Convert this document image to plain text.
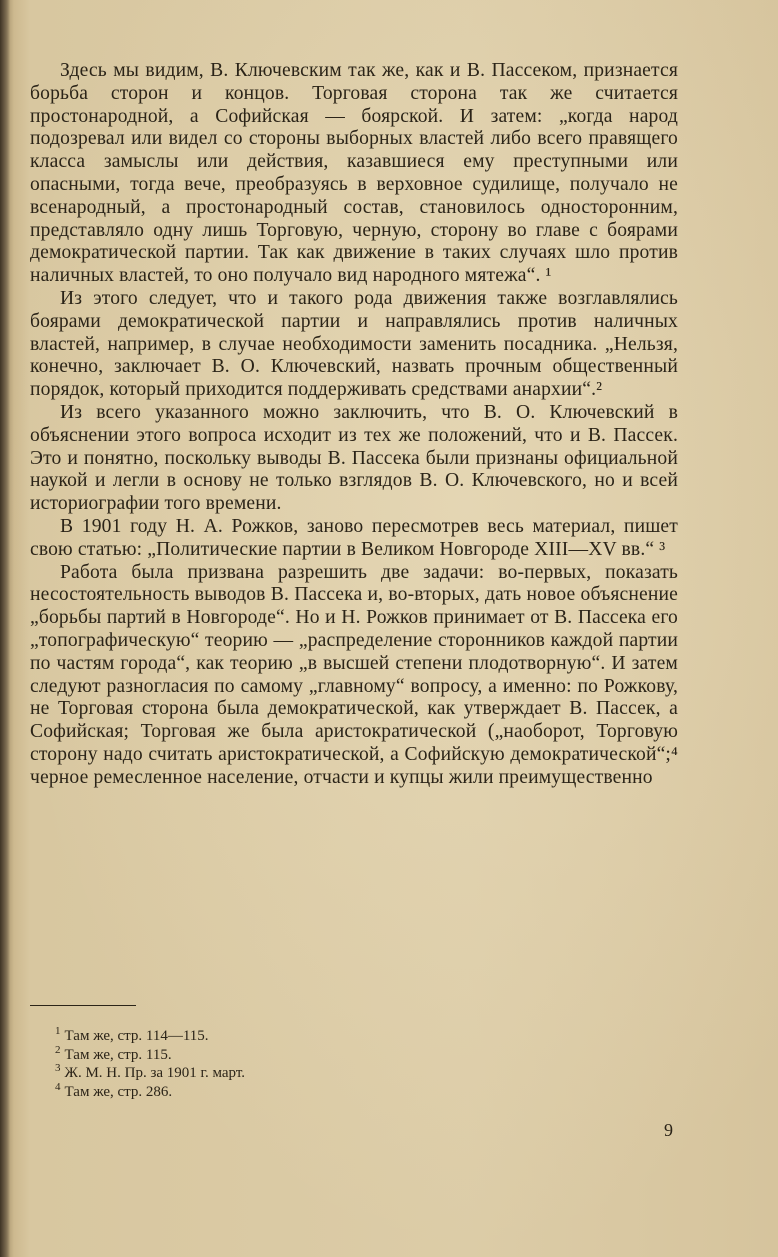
Здесь мы видим, В. Ключевским так же, как и В. Пассеком, признается борьба сторон и концов. Торговая сторона так же считается простонародной, а Софийская — боярской. И затем: „когда народ подозревал или видел со стороны выборных властей либо всего правящего класса замыслы или действия, казавшиеся ему преступными или опасными, тогда вече, преобразуясь в верховное судилище, получало не всенародный, а простонародный состав, становилось односторонним, представляло одну лишь Торговую, черную, сторону во главе с боярами демократической партии. Так как движение в таких случаях шло против наличных властей, то оно получало вид народного мятежа“. ¹

Из этого следует, что и такого рода движения также возглавлялись боярами демократической партии и направлялись против наличных властей, например, в случае необходимости заменить посадника. „Нельзя, конечно, заключает В. О. Ключевский, назвать прочным общественный порядок, который приходится поддерживать средствами анархии“.²

Из всего указанного можно заключить, что В. О. Ключевский в объяснении этого вопроса исходит из тех же положений, что и В. Пассек. Это и понятно, поскольку выводы В. Пассека были признаны официальной наукой и легли в основу не только взглядов В. О. Ключевского, но и всей историографии того времени.

В 1901 году Н. А. Рожков, заново пересмотрев весь материал, пишет свою статью: „Политические партии в Великом Новгороде XIII—XV вв.“ ³

Работа была призвана разрешить две задачи: во-первых, показать несостоятельность выводов В. Пассека и, во-вторых, дать новое объяснение „борьбы партий в Новгороде“. Но и Н. Рожков принимает от В. Пассека его „топографическую“ теорию — „распределение сторонников каждой партии по частям города“, как теорию „в высшей степени плодотворную“. И затем следуют разногласия по самому „главному“ вопросу, а именно: по Рожкову, не Торговая сторона была демократической, как утверждает В. Пассек, а Софийская; Торговая же была аристократической („наоборот, Торговую сторону надо считать аристократической, а Софийскую демократической“;⁴ черное ремесленное население, отчасти и купцы жили преимущественно

$^1$ Там же, стр. 114—115.

$^2$ Там же, стр. 115.

$^3$ Ж. М. Н. Пр. за 1901 г. март.

$^4$ Там же, стр. 286.

9
